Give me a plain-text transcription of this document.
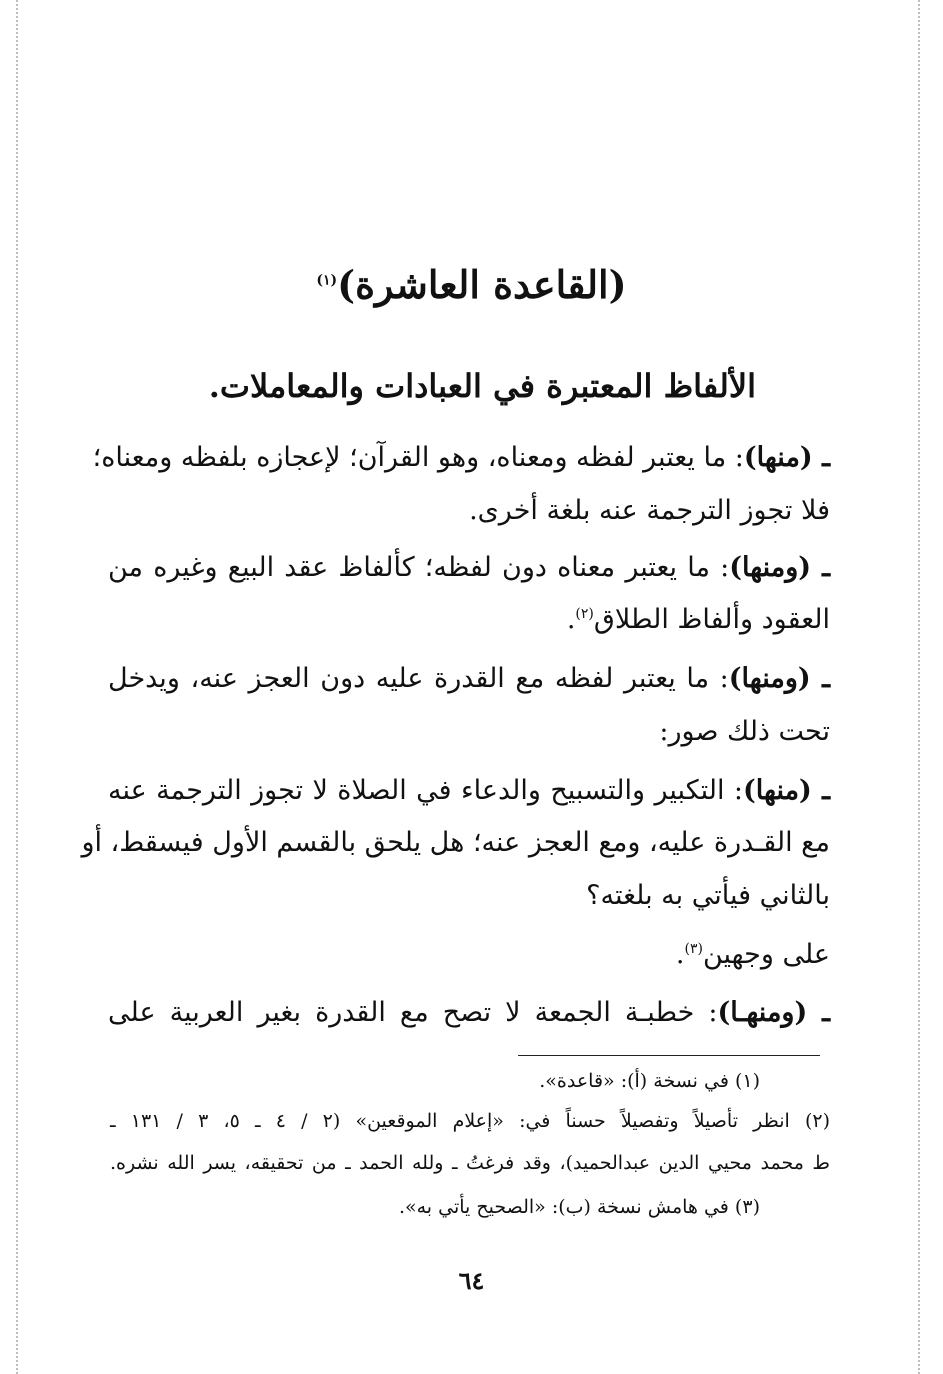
(القاعدة العاشرة)$^{(١)}$
الألفاظ المعتبرة في العبادات والمعاملات.
ـ (منها): ما يعتبر لفظه ومعناه، وهو القرآن؛ لإعجازه بلفظه ومعناه؛
فلا تجوز الترجمة عنه بلغة أخرى.
ـ (ومنها): ما يعتبر معناه دون لفظه؛ كألفاظ عقد البيع وغيره من
العقود وألفاظ الطلاق$^{(٢)}$.
ـ (ومنها): ما يعتبر لفظه مع القدرة عليه دون العجز عنه، ويدخل
تحت ذلك صور:
ـ (منها): التكبير والتسبيح والدعاء في الصلاة لا تجوز الترجمة عنه
مع القـدرة عليه، ومع العجز عنه؛ هل يلحق بالقسم الأول فيسقط، أو
بالثاني فيأتي به بلغته؟
على وجهين$^{(٣)}$.
ـ (ومنهـا): خطبـة الجمعة لا تصح مع القدرة بغير العربية على
(١) في نسخة (أ): «قاعدة».
(٢) انظر تأصيلاً وتفصيلاً حسناً في: «إعلام الموقعين» (٢ / ٤ ـ ٥، ٣ / ١٣١ ـ
ط محمد محيي الدين عبدالحميد)، وقد فرغتُ ـ ولله الحمد ـ من تحقيقه، يسر الله نشره.
(٣) في هامش نسخة (ب): «الصحيح يأتي به».
٦٤
